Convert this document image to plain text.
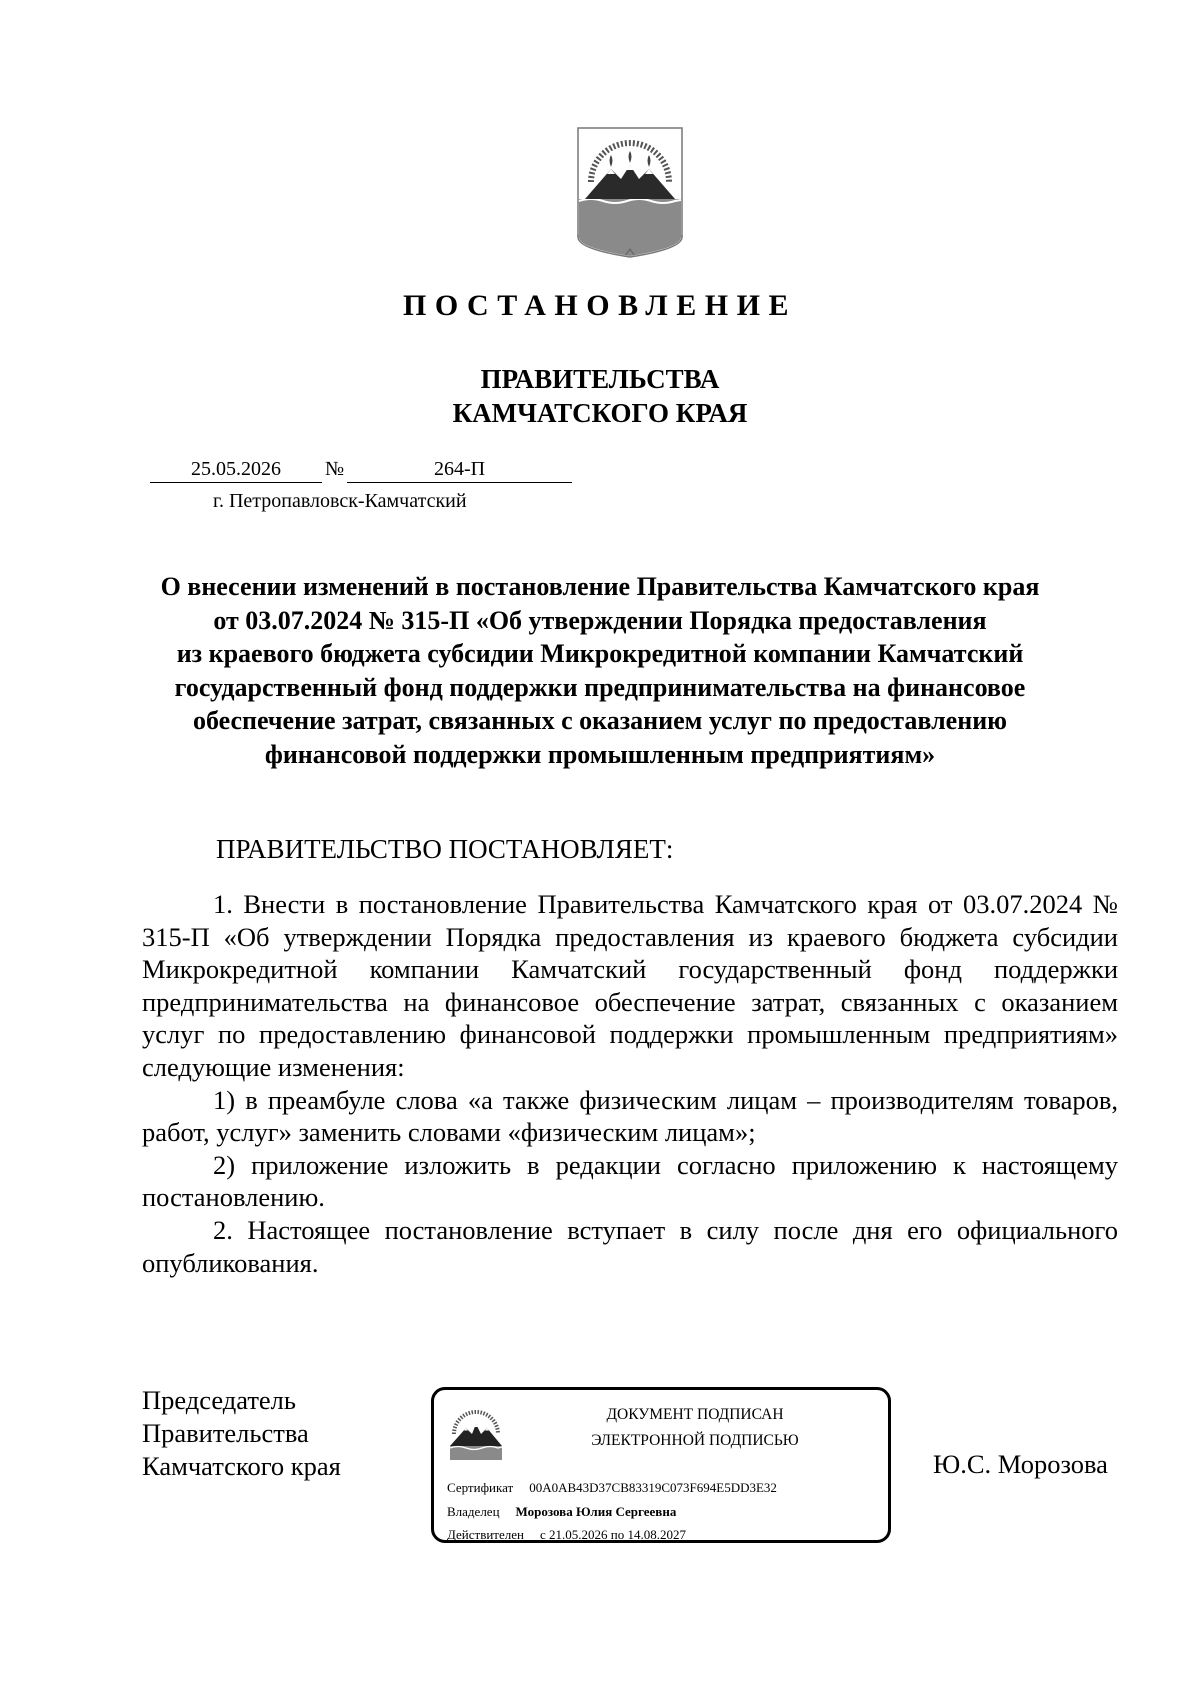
ПОСТАНОВЛЕНИЕ
ПРАВИТЕЛЬСТВА
КАМЧАТСКОГО КРАЯ
25.05.2026 №	264-П
г. Петропавловск-Камчатский
О внесении изменений в постановление Правительства Камчатского края
от 03.07.2024 № 315-П «Об утверждении Порядка предоставления
из краевого бюджета субсидии Микрокредитной компании Камчатский
государственный фонд поддержки предпринимательства на финансовое
обеспечение затрат, связанных с оказанием услуг по предоставлению
финансовой поддержки промышленным предприятиям»
ПРАВИТЕЛЬСТВО ПОСТАНОВЛЯЕТ:

1. Внести в постановление Правительства Камчатского края от 03.07.2024 № 315-П «Об утверждении Порядка предоставления из краевого бюджета субсидии Микрокредитной компании Камчатский государственный фонд поддержки предпринимательства на финансовое обеспечение затрат, связанных с оказанием услуг по предоставлению финансовой поддержки промышленным предприятиям» следующие изменения:

1) в преамбуле слова «а также физическим лицам – производителям товаров, работ, услуг» заменить словами «физическим лицам»;

2) приложение изложить в редакции согласно приложению к настоящему постановлению.

2. Настоящее постановление вступает в силу после дня его официального опубликования.

Председатель
Правительства
Камчатского края
ДОКУМЕНТ ПОДПИСАН
ЭЛЕКТРОННОЙ ПОДПИСЬЮ
Сертификат 00A0AB43D37CB83319C073F694E5DD3E32
Владелец Морозова Юлия Сергеевна
Действителен с 21.05.2026 по 14.08.2027
Ю.С. Морозова
